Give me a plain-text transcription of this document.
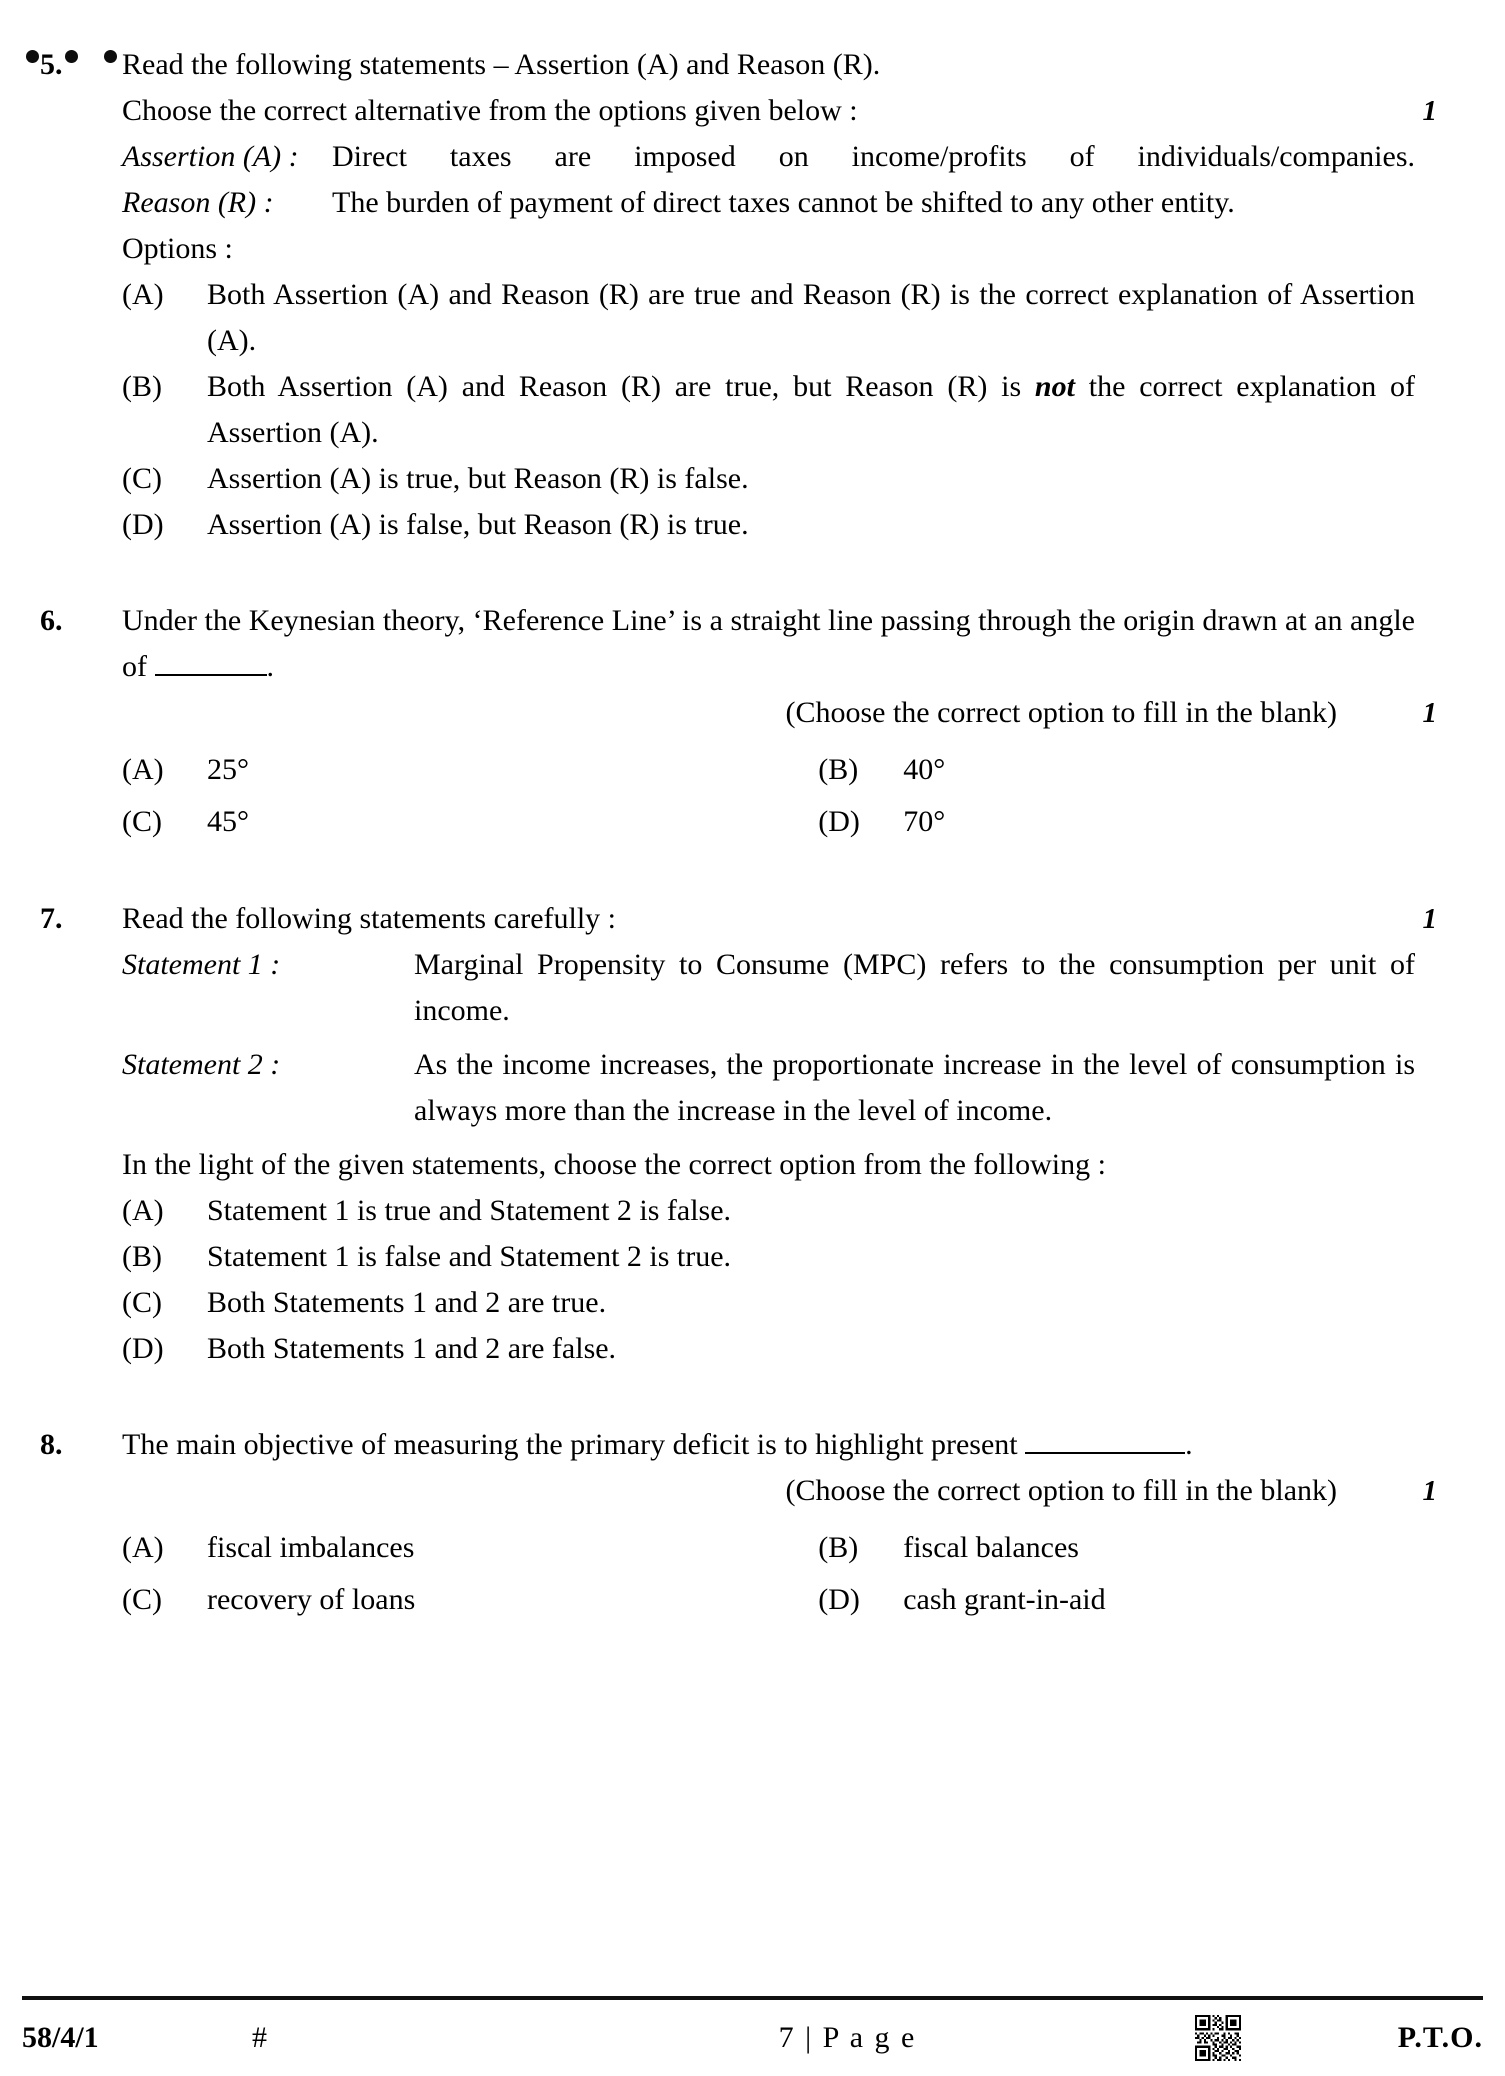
5.	Read the following statements – Assertion (A) and Reason (R).
Choose the correct alternative from the options given below :	1
Assertion (A) :	Direct taxes are imposed on income/profits of individuals/companies.
Reason (R) :	The burden of payment of direct taxes cannot be shifted to any other entity.
Options :
(A)	Both Assertion (A) and Reason (R) are true and Reason (R) is the correct explanation of Assertion (A).
(B)	Both Assertion (A) and Reason (R) are true, but Reason (R) is not the correct explanation of Assertion (A).
(C)	Assertion (A) is true, but Reason (R) is false.
(D)	Assertion (A) is false, but Reason (R) is true.
6.	Under the Keynesian theory, ‘Reference Line’ is a straight line passing through the origin drawn at an angle of	.
(Choose the correct option to fill in the blank)	1
(A)	25°	(B)	40°
(C)	45°	(D)	70°
7.	Read the following statements carefully :	1
Statement 1 :	Marginal Propensity to Consume (MPC) refers to the consumption per unit of income.
Statement 2 :	As the income increases, the proportionate increase in the level of consumption is always more than the increase in the level of income.
In the light of the given statements, choose the correct option from the following :
(A)	Statement 1 is true and Statement 2 is false.
(B)	Statement 1 is false and Statement 2 is true.
(C)	Both Statements 1 and 2 are true.
(D)	Both Statements 1 and 2 are false.
8.	The main objective of measuring the primary deficit is to highlight present	.
(Choose the correct option to fill in the blank)	1
(A)	fiscal imbalances	(B)	fiscal balances
(C)	recovery of loans	(D)	cash grant-in-aid
58/4/1	#	7 | P a g e	P.T.O.
